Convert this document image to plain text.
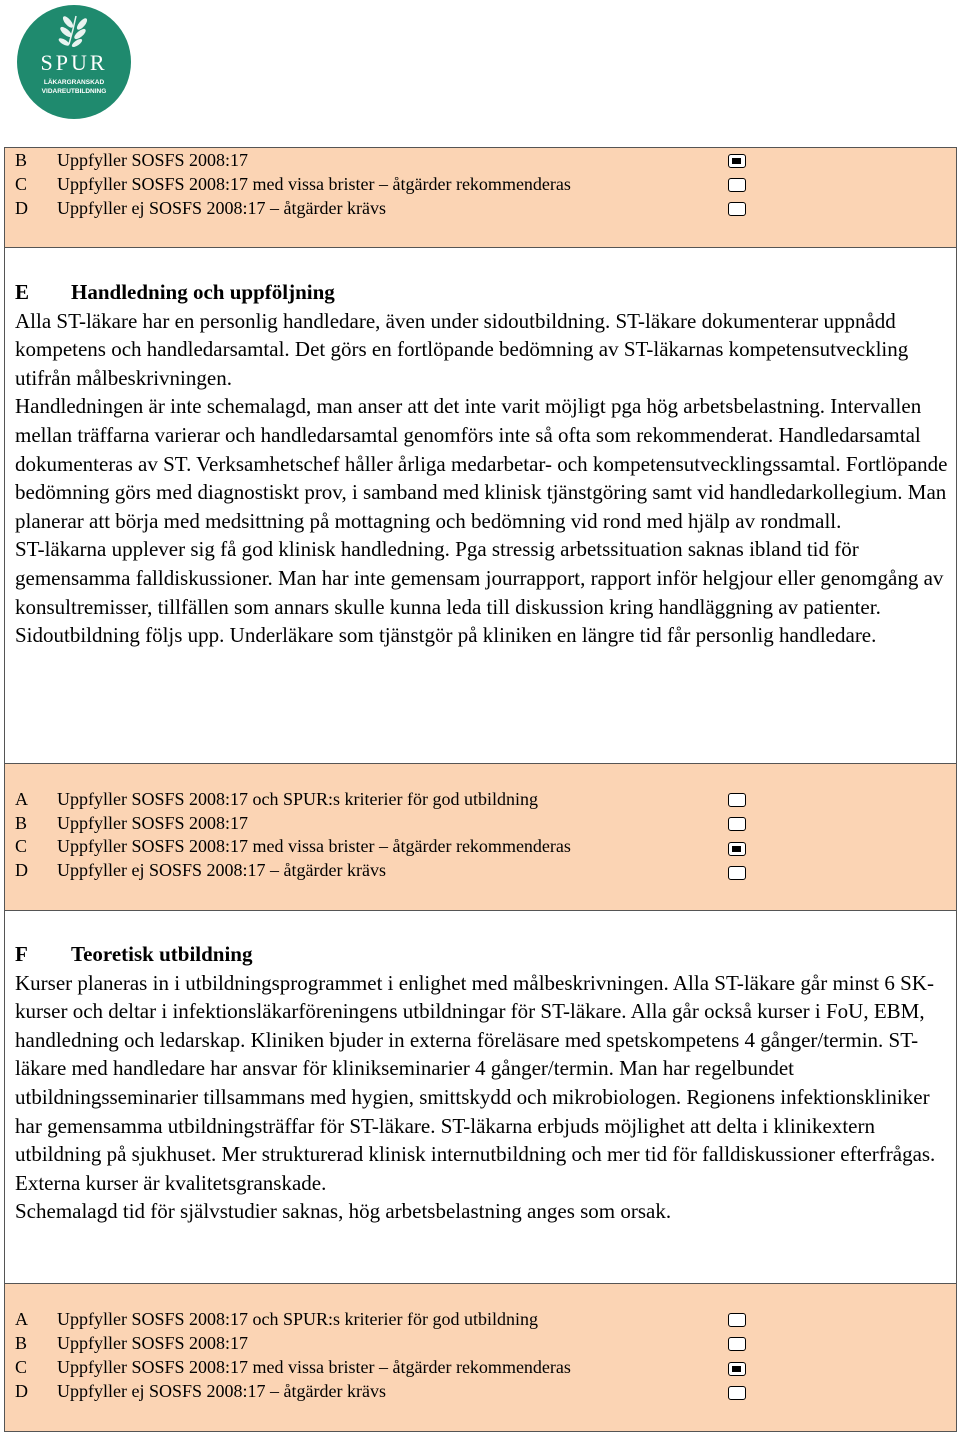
SPUR
LÄKARGRANSKAD
VIDAREUTBILDNING
B Uppfyller SOSFS 2008:17
C Uppfyller SOSFS 2008:17 med vissa brister – åtgärder rekommenderas
D Uppfyller ej SOSFS 2008:17 – åtgärder krävs
E Handledning och uppföljning

Alla ST-läkare har en personlig handledare, även under sidoutbildning. ST-läkare dokumenterar uppnådd kompetens och handledarsamtal. Det görs en fortlöpande bedömning av ST-läkarnas kompetensutveckling utifrån målbeskrivningen.

Handledningen är inte schemalagd, man anser att det inte varit möjligt pga hög arbetsbelastning. Intervallen mellan träffarna varierar och handledarsamtal genomförs inte så ofta som rekommenderat. Handledarsamtal dokumenteras av ST. Verksamhetschef håller årliga medarbetar- och kompetensutvecklingssamtal. Fortlöpande bedömning görs med diagnostiskt prov, i samband med klinisk tjänstgöring samt vid handledarkollegium. Man planerar att börja med medsittning på mottagning och bedömning vid rond med hjälp av rondmall.

ST-läkarna upplever sig få god klinisk handledning. Pga stressig arbetssituation saknas ibland tid för gemensamma falldiskussioner. Man har inte gemensam jourrapport, rapport inför helgjour eller genomgång av konsultremisser, tillfällen som annars skulle kunna leda till diskussion kring handläggning av patienter.

Sidoutbildning följs upp. Underläkare som tjänstgör på kliniken en längre tid får personlig handledare.

A Uppfyller SOSFS 2008:17 och SPUR:s kriterier för god utbildning
B Uppfyller SOSFS 2008:17
C Uppfyller SOSFS 2008:17 med vissa brister – åtgärder rekommenderas
D Uppfyller ej SOSFS 2008:17 – åtgärder krävs
F Teoretisk utbildning

Kurser planeras in i utbildningsprogrammet i enlighet med målbeskrivningen. Alla ST-läkare går minst 6 SK-kurser och deltar i infektionsläkarföreningens utbildningar för ST-läkare. Alla går också kurser i FoU, EBM, handledning och ledarskap. Kliniken bjuder in externa föreläsare med spetskompetens 4 gånger/termin. ST-läkare med handledare har ansvar för klinikseminarier 4 gånger/termin. Man har regelbundet utbildningsseminarier tillsammans med hygien, smittskydd och mikrobiologen. Regionens infektionskliniker har gemensamma utbildningsträffar för ST-läkare. ST-läkarna erbjuds möjlighet att delta i klinikextern utbildning på sjukhuset. Mer strukturerad klinisk internutbildning och mer tid för falldiskussioner efterfrågas.

Externa kurser är kvalitetsgranskade.

Schemalagd tid för självstudier saknas, hög arbetsbelastning anges som orsak.

A Uppfyller SOSFS 2008:17 och SPUR:s kriterier för god utbildning
B Uppfyller SOSFS 2008:17
C Uppfyller SOSFS 2008:17 med vissa brister – åtgärder rekommenderas
D Uppfyller ej SOSFS 2008:17 – åtgärder krävs
